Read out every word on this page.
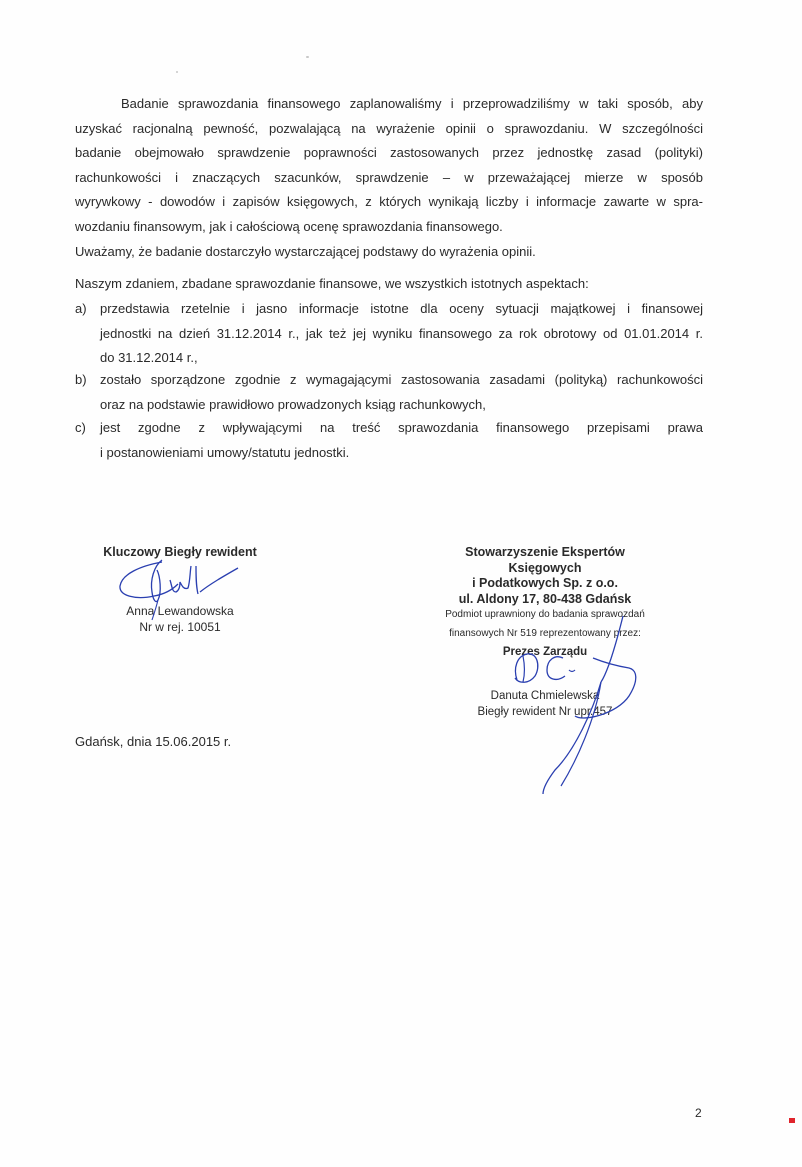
Badanie sprawozdania finansowego zaplanowaliśmy i przeprowadziliśmy w taki sposób, aby
uzyskać racjonalną pewność, pozwalającą na wyrażenie opinii o sprawozdaniu. W szczególności
badanie obejmowało sprawdzenie poprawności zastosowanych przez jednostkę zasad (polityki)
rachunkowości i znaczących szacunków, sprawdzenie – w przeważającej mierze w sposób
wyrywkowy - dowodów i zapisów księgowych, z których wynikają liczby i informacje zawarte w spra-
wozdaniu finansowym, jak i całościową ocenę sprawozdania finansowego.
Uważamy, że badanie dostarczyło wystarczającej podstawy do wyrażenia opinii.
Naszym zdaniem, zbadane sprawozdanie finansowe, we wszystkich istotnych aspektach:
a) przedstawia rzetelnie i jasno informacje istotne dla oceny sytuacji majątkowej i finansowej
jednostki na dzień 31.12.2014 r., jak też jej wyniku finansowego za rok obrotowy od 01.01.2014 r.
do 31.12.2014 r.,
b) zostało sporządzone zgodnie z wymagającymi zastosowania zasadami (polityką) rachunkowości
oraz na podstawie prawidłowo prowadzonych ksiąg rachunkowych,
c) jest zgodne z wpływającymi na treść sprawozdania finansowego przepisami prawa
i postanowieniami umowy/statutu jednostki.
Kluczowy Biegły rewident
Anna Lewandowska
Nr w rej. 10051
Stowarzyszenie Ekspertów
Księgowych
i Podatkowych Sp. z o.o.
ul. Aldony 17, 80-438 Gdańsk
Podmiot uprawniony do badania sprawozdań
finansowych Nr 519 reprezentowany przez:
Prezes Zarządu
Danuta Chmielewska
Biegły rewident Nr upr.457
Gdańsk, dnia 15.06.2015 r.
2
